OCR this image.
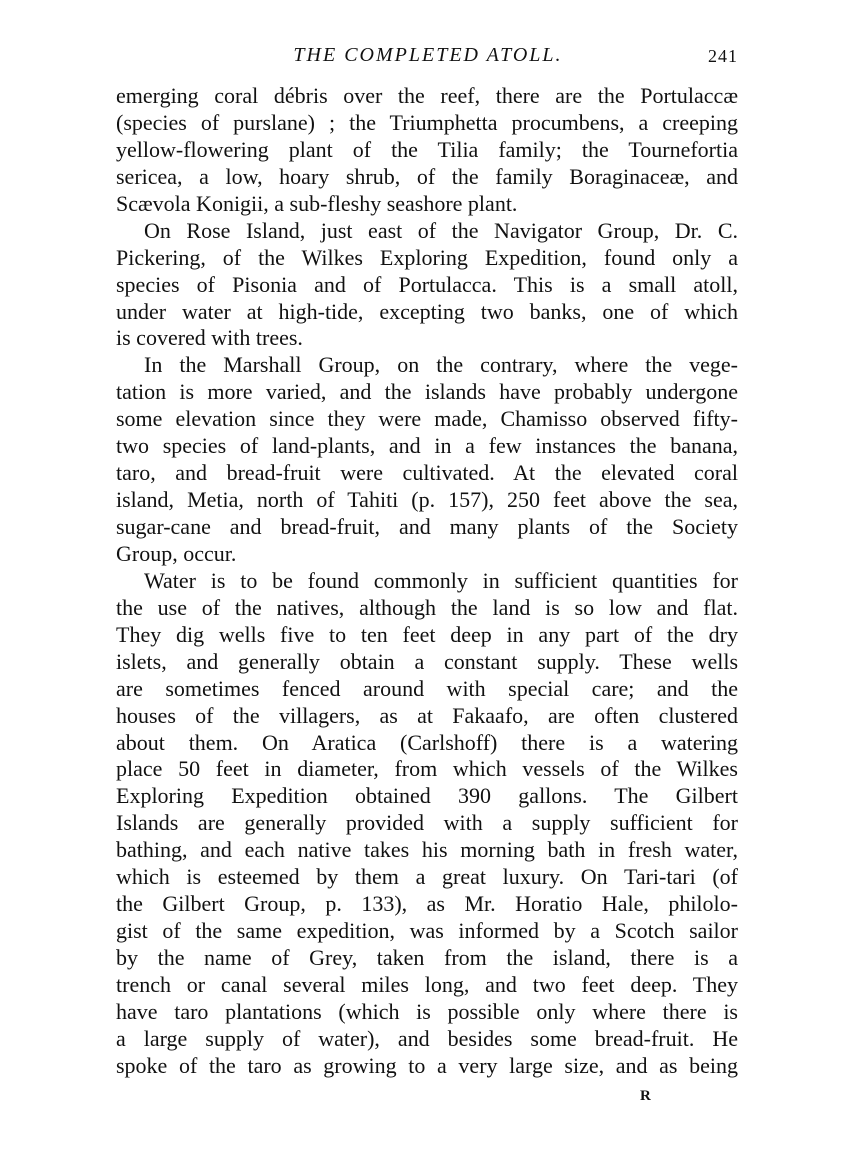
THE COMPLETED ATOLL.	241
emerging coral débris over the reef, there are the Portulaccæ
(species of purslane) ; the Triumphetta procumbens, a creeping
yellow-flowering plant of the Tilia family; the Tournefortia
sericea, a low, hoary shrub, of the family Boraginaceæ, and
Scævola Konigii, a sub-fleshy seashore plant.
On Rose Island, just east of the Navigator Group, Dr. C.
Pickering, of the Wilkes Exploring Expedition, found only a
species of Pisonia and of Portulacca. This is a small atoll,
under water at high-tide, excepting two banks, one of which
is covered with trees.
In the Marshall Group, on the contrary, where the vege-
tation is more varied, and the islands have probably undergone
some elevation since they were made, Chamisso observed fifty-
two species of land-plants, and in a few instances the banana,
taro, and bread-fruit were cultivated. At the elevated coral
island, Metia, north of Tahiti (p. 157), 250 feet above the sea,
sugar-cane and bread-fruit, and many plants of the Society
Group, occur.
Water is to be found commonly in sufficient quantities for
the use of the natives, although the land is so low and flat.
They dig wells five to ten feet deep in any part of the dry
islets, and generally obtain a constant supply. These wells
are sometimes fenced around with special care; and the
houses of the villagers, as at Fakaafo, are often clustered
about them. On Aratica (Carlshoff) there is a watering
place 50 feet in diameter, from which vessels of the Wilkes
Exploring Expedition obtained 390 gallons. The Gilbert
Islands are generally provided with a supply sufficient for
bathing, and each native takes his morning bath in fresh water,
which is esteemed by them a great luxury. On Tari-tari (of
the Gilbert Group, p. 133), as Mr. Horatio Hale, philolo-
gist of the same expedition, was informed by a Scotch sailor
by the name of Grey, taken from the island, there is a
trench or canal several miles long, and two feet deep. They
have taro plantations (which is possible only where there is
a large supply of water), and besides some bread-fruit. He
spoke of the taro as growing to a very large size, and as being
R
